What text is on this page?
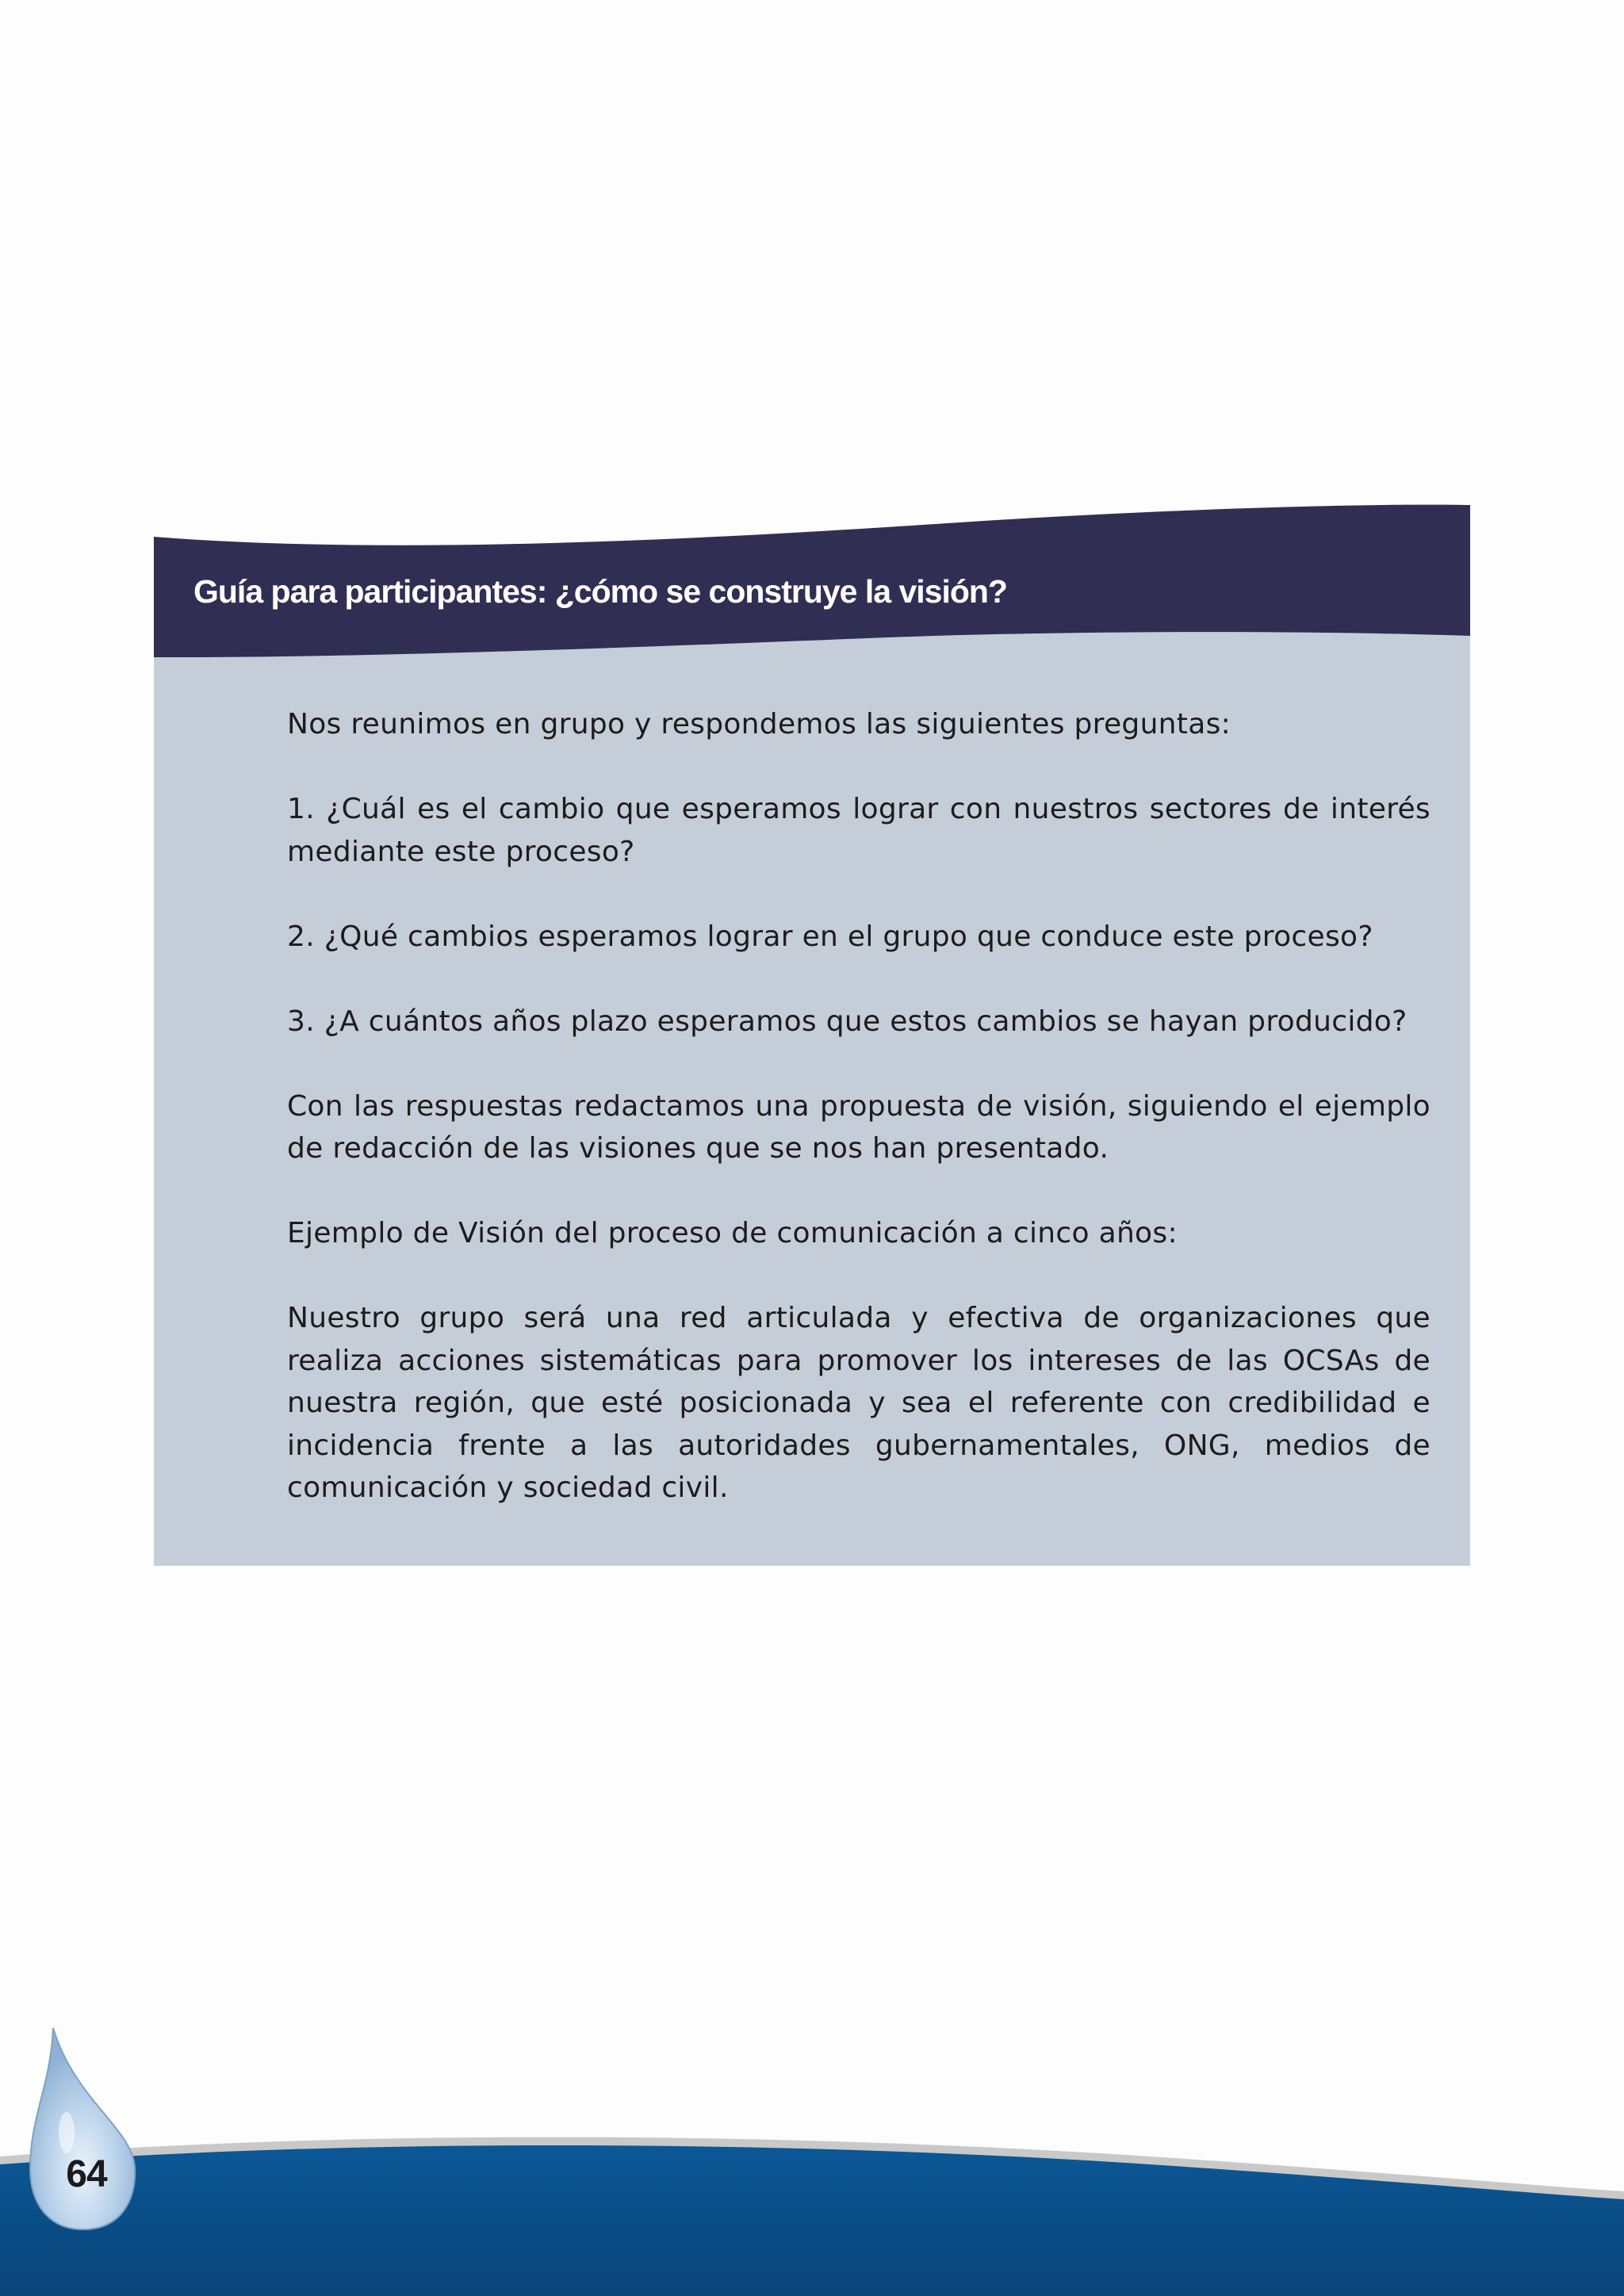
Guía para participantes: ¿cómo se construye la visión?

Nos reunimos en grupo y respondemos las siguientes preguntas:

1. ¿Cuál es el cambio que esperamos lograr con nuestros sectores de interés mediante este proceso?

2. ¿Qué cambios esperamos lograr en el grupo que conduce este proceso?

3. ¿A cuántos años plazo esperamos que estos cambios se hayan producido?

Con las respuestas redactamos una propuesta de visión, siguiendo el ejemplo de redacción de las visiones que se nos han presentado.

Ejemplo de Visión del proceso de comunicación a cinco años:

Nuestro grupo será una red articulada y efectiva de organizaciones que realiza acciones sistemáticas para promover los intereses de las OCSAs de nuestra región, que esté posicionada y sea el referente con credibilidad e incidencia frente a las autoridades gubernamentales, ONG, medios de comunicación y sociedad civil.

64
